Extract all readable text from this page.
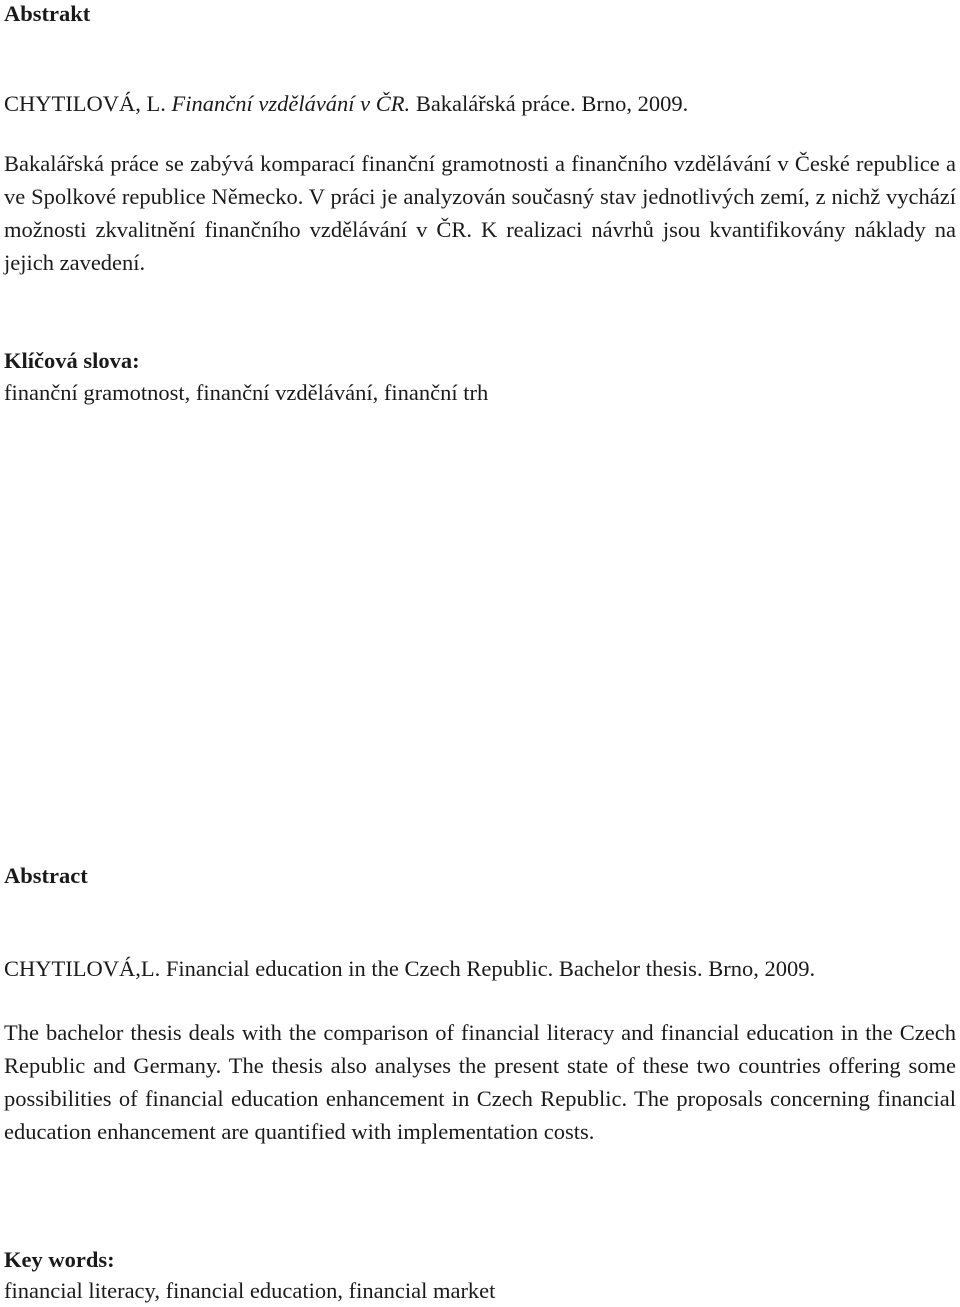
Abstrakt

CHYTILOVÁ, L. Finanční vzdělávání v ČR. Bakalářská práce. Brno, 2009.

Bakalářská práce se zabývá komparací finanční gramotnosti a finančního vzdělávání v České republice a ve Spolkové republice Německo. V práci je analyzován současný stav jednotlivých zemí, z nichž vychází možnosti zkvalitnění finančního vzdělávání v ČR. K realizaci návrhů jsou kvantifikovány náklady na jejich zavedení.

Klíčová slova:

finanční gramotnost, finanční vzdělávání, finanční trh

Abstract

CHYTILOVÁ,L. Financial education in the Czech Republic. Bachelor thesis. Brno, 2009.

The bachelor thesis deals with the comparison of financial literacy and financial education in the Czech Republic and Germany. The thesis also analyses the present state of these two countries offering some possibilities of financial education enhancement in Czech Republic. The proposals concerning financial education enhancement are quantified with implementation costs.

Key words:

financial literacy, financial education, financial market
